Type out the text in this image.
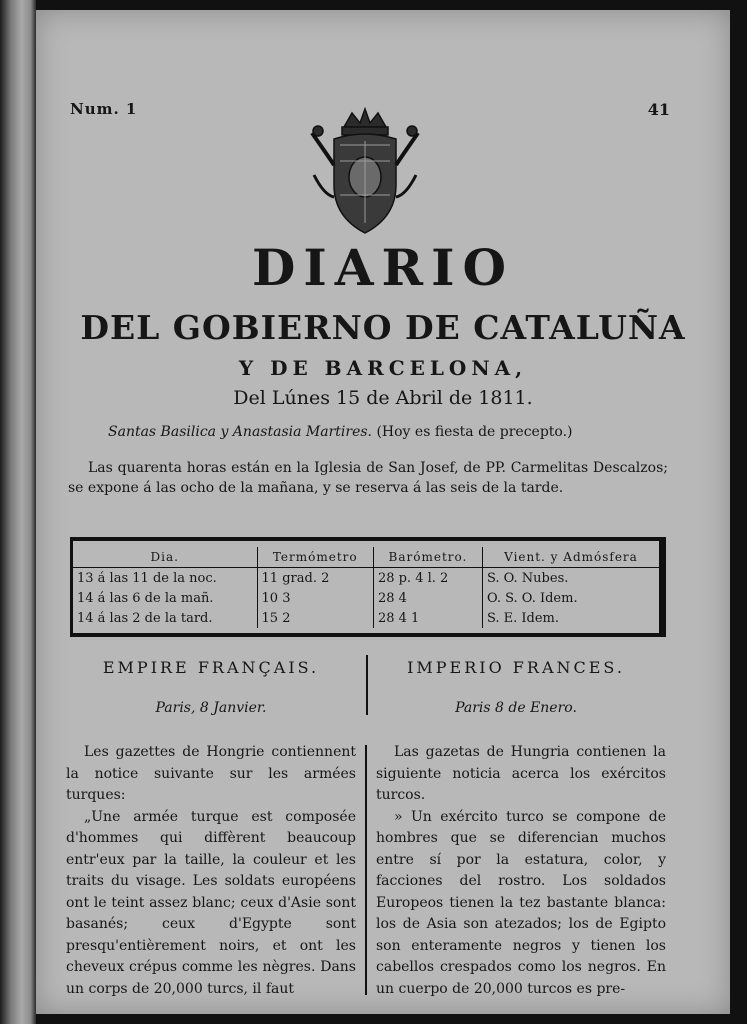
Num. 1	41
DIARIO
DEL GOBIERNO DE CATALUÑA
Y DE BARCELONA,
Del Lúnes 15 de Abril de 1811.
Santas Basilica y Anastasia Martires. (Hoy es fiesta de precepto.)
Las quarenta horas están en la Iglesia de San Josef, de PP. Carmelitas Descalzos; se expone á las ocho de la mañana, y se reserva á las seis de la tarde.
Dia.	Termómetro	Barómetro.	Vient. y Admósfera
13 á las 11 de la noc.	11 grad. 2	28 p. 4 l. 2	S. O. Nubes.
14 á las 6 de la mañ.	10 3	28 4	O. S. O. Idem.
14 á las 2 de la tard.	15 2	28 4 1	S. E. Idem.
EMPIRE FRANÇAIS.
Paris, 8 Janvier.

Les gazettes de Hongrie contiennent la notice suivante sur les armées turques:

„Une armée turque est composée d'hommes qui diffèrent beaucoup entr'eux par la taille, la couleur et les traits du visage. Les soldats européens ont le teint assez blanc; ceux d'Asie sont basanés; ceux d'Egypte sont presqu'entièrement noirs, et ont les cheveux crépus comme les nègres. Dans un corps de 20,000 turcs, il faut

IMPERIO FRANCES.
Paris 8 de Enero.

Las gazetas de Hungria contienen la siguiente noticia acerca los exércitos turcos.

» Un exército turco se compone de hombres que se diferencian muchos entre sí por la estatura, color, y facciones del rostro. Los soldados Europeos tienen la tez bastante blanca: los de Asia son atezados; los de Egipto son enteramente negros y tienen los cabellos crespados como los negros. En un cuerpo de 20,000 turcos es pre-
